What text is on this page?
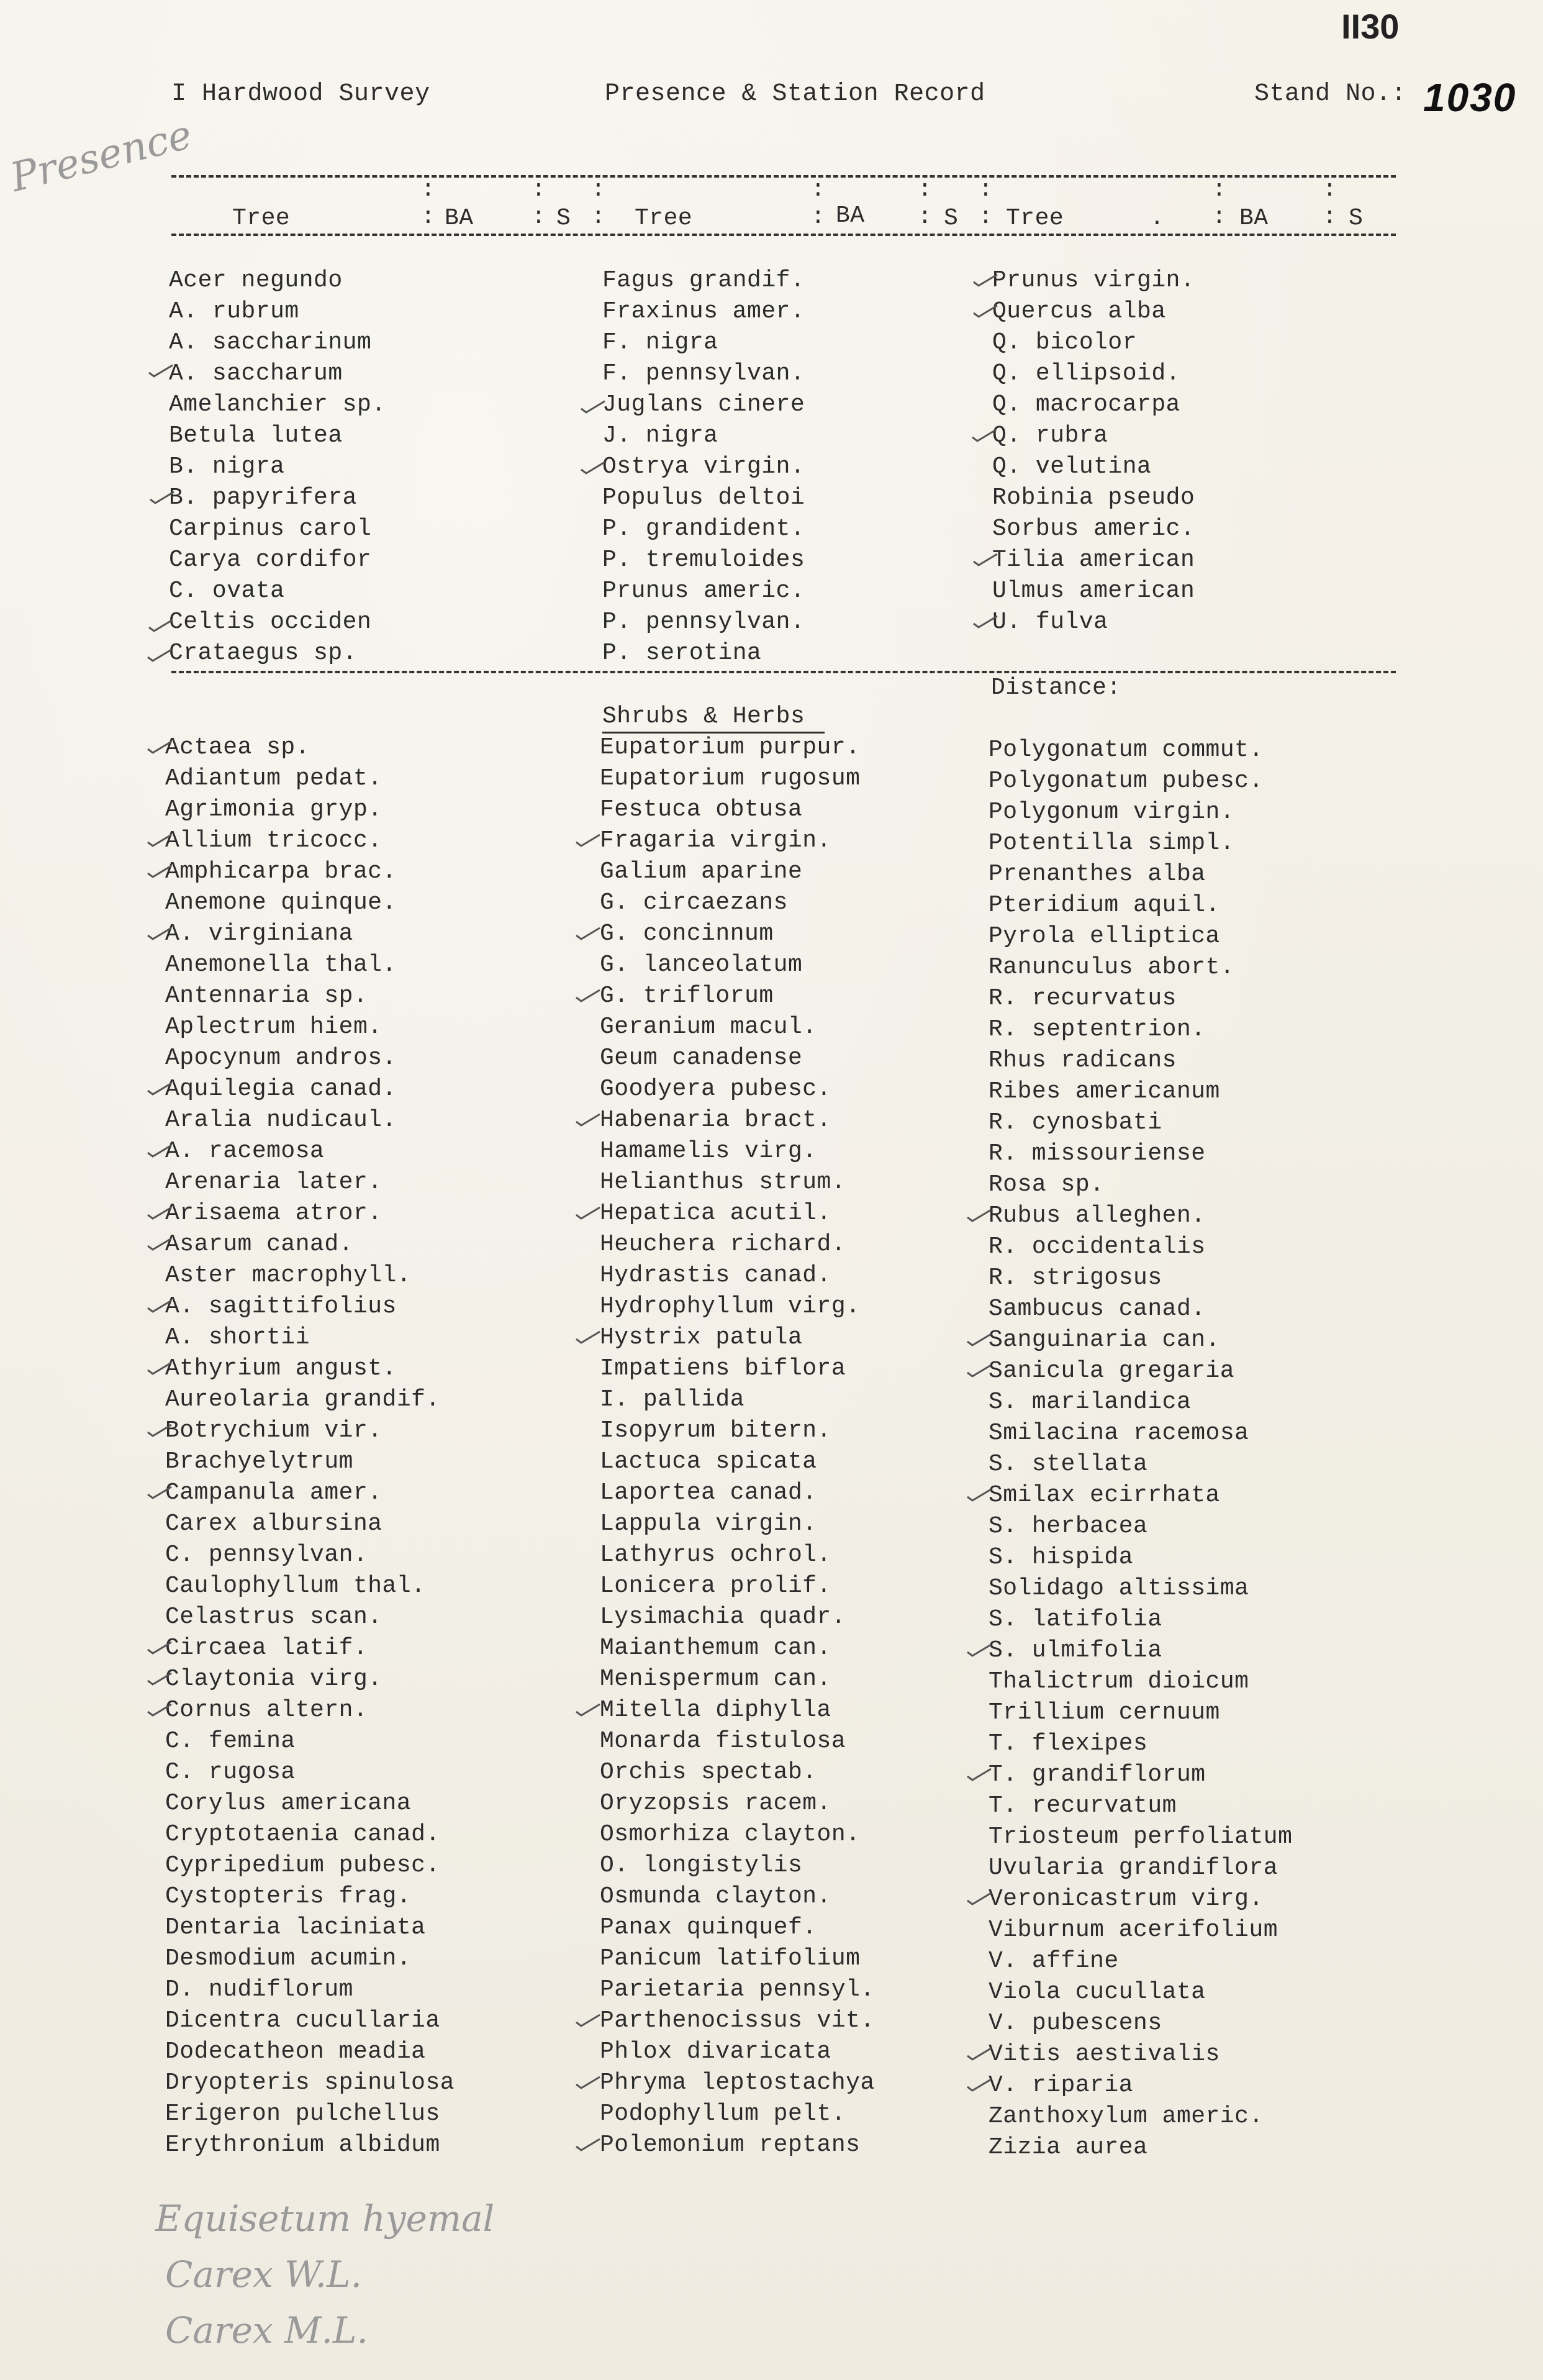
I Hardwood Survey	Presence & Station Record	Stand No.: 1030
II30
Presence
Tree	BA	S	Tree	BA	S Tree	.	BA	S
:
:
:
:
:
:
:
:
:
:
:
:
:
:
:
:
Acer negundo
A. rubrum
A. saccharinum
A. saccharum
Amelanchier sp.
Betula lutea
B. nigra
B. papyrifera
Carpinus carol
Carya cordifor
C. ovata
Celtis occiden
Crataegus sp.
Fagus grandif.
Fraxinus amer.
F. nigra
F. pennsylvan.
Juglans cinere
J. nigra
Ostrya virgin.
Populus deltoi
P. grandident.
P. tremuloides
Prunus americ.
P. pennsylvan.
P. serotina
Prunus virgin.
Quercus alba
Q. bicolor
Q. ellipsoid.
Q. macrocarpa
Q. rubra
Q. velutina
Robinia pseudo
Sorbus americ.
Tilia american
Ulmus american
U. fulva
Distance:
Shrubs & Herbs
Actaea sp.
Adiantum pedat.
Agrimonia gryp.
Allium tricocc.
Amphicarpa brac.
Anemone quinque.
A. virginiana
Anemonella thal.
Antennaria sp.
Aplectrum hiem.
Apocynum andros.
Aquilegia canad.
Aralia nudicaul.
A. racemosa
Arenaria later.
Arisaema atror.
Asarum canad.
Aster macrophyll.
A. sagittifolius
A. shortii
Athyrium angust.
Aureolaria grandif.
Botrychium vir.
Brachyelytrum
Campanula amer.
Carex albursina
C. pennsylvan.
Caulophyllum thal.
Celastrus scan.
Circaea latif.
Claytonia virg.
Cornus altern.
C. femina
C. rugosa
Corylus americana
Cryptotaenia canad.
Cypripedium pubesc.
Cystopteris frag.
Dentaria laciniata
Desmodium acumin.
D. nudiflorum
Dicentra cucullaria
Dodecatheon meadia
Dryopteris spinulosa
Erigeron pulchellus
Erythronium albidum
Eupatorium purpur.
Eupatorium rugosum
Festuca obtusa
Fragaria virgin.
Galium aparine
G. circaezans
G. concinnum
G. lanceolatum
G. triflorum
Geranium macul.
Geum canadense
Goodyera pubesc.
Habenaria bract.
Hamamelis virg.
Helianthus strum.
Hepatica acutil.
Heuchera richard.
Hydrastis canad.
Hydrophyllum virg.
Hystrix patula
Impatiens biflora
I. pallida
Isopyrum bitern.
Lactuca spicata
Laportea canad.
Lappula virgin.
Lathyrus ochrol.
Lonicera prolif.
Lysimachia quadr.
Maianthemum can.
Menispermum can.
Mitella diphylla
Monarda fistulosa
Orchis spectab.
Oryzopsis racem.
Osmorhiza clayton.
O. longistylis
Osmunda clayton.
Panax quinquef.
Panicum latifolium
Parietaria pennsyl.
Parthenocissus vit.
Phlox divaricata
Phryma leptostachya
Podophyllum pelt.
Polemonium reptans
Polygonatum commut.
Polygonatum pubesc.
Polygonum virgin.
Potentilla simpl.
Prenanthes alba
Pteridium aquil.
Pyrola elliptica
Ranunculus abort.
R. recurvatus
R. septentrion.
Rhus radicans
Ribes americanum
R. cynosbati
R. missouriense
Rosa sp.
Rubus alleghen.
R. occidentalis
R. strigosus
Sambucus canad.
Sanguinaria can.
Sanicula gregaria
S. marilandica
Smilacina racemosa
S. stellata
Smilax ecirrhata
S. herbacea
S. hispida
Solidago altissima
S. latifolia
S. ulmifolia
Thalictrum dioicum
Trillium cernuum
T. flexipes
T. grandiflorum
T. recurvatum
Triosteum perfoliatum
Uvularia grandiflora
Veronicastrum virg.
Viburnum acerifolium
V. affine
Viola cucullata
V. pubescens
Vitis aestivalis
V. riparia
Zanthoxylum americ.
Zizia aurea
Equisetum hyemal
Carex W.L.
Carex M.L.
